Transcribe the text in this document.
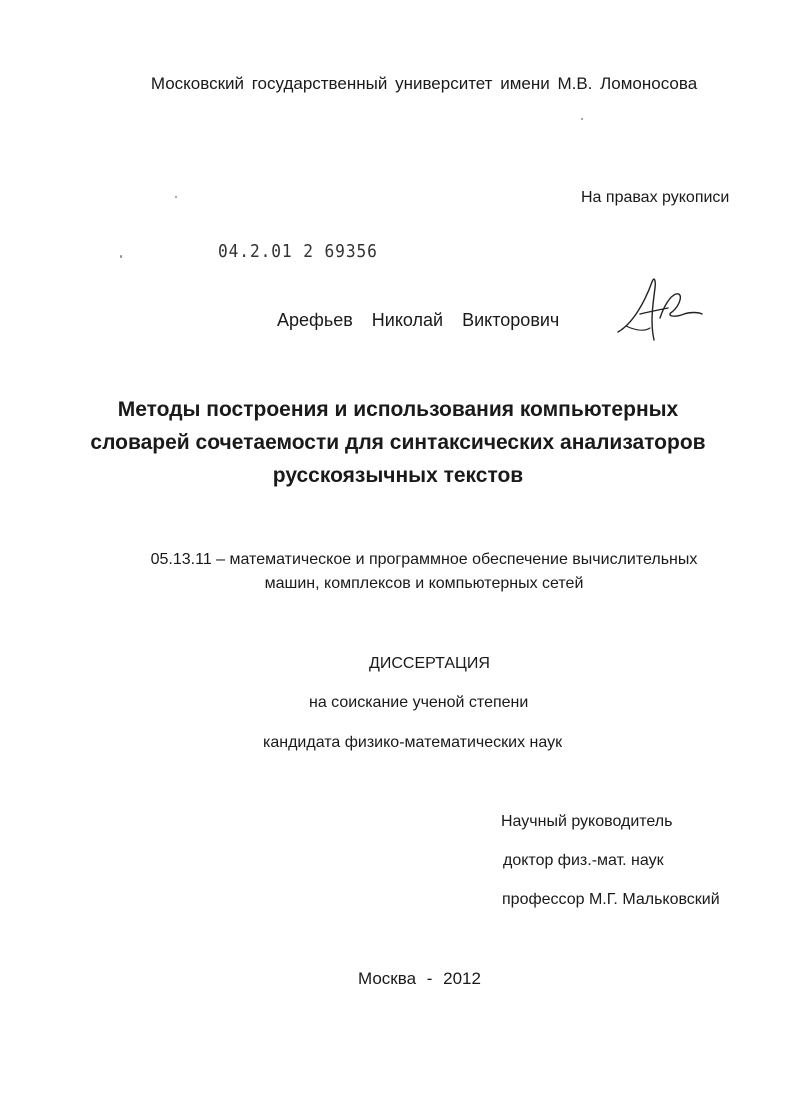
Московский государственный университет имени М.В. Ломоносова
На правах рукописи
04.2.01 2 69356
Арефьев Николай Викторович
Методы построения и использования компьютерных
словарей сочетаемости для синтаксических анализаторов
русскоязычных текстов
05.13.11 – математическое и программное обеспечение вычислительных
машин, комплексов и компьютерных сетей
ДИССЕРТАЦИЯ
на соискание ученой степени
кандидата физико-математических наук
Научный руководитель
доктор физ.-мат. наук
профессор М.Г. Мальковский
Москва - 2012
